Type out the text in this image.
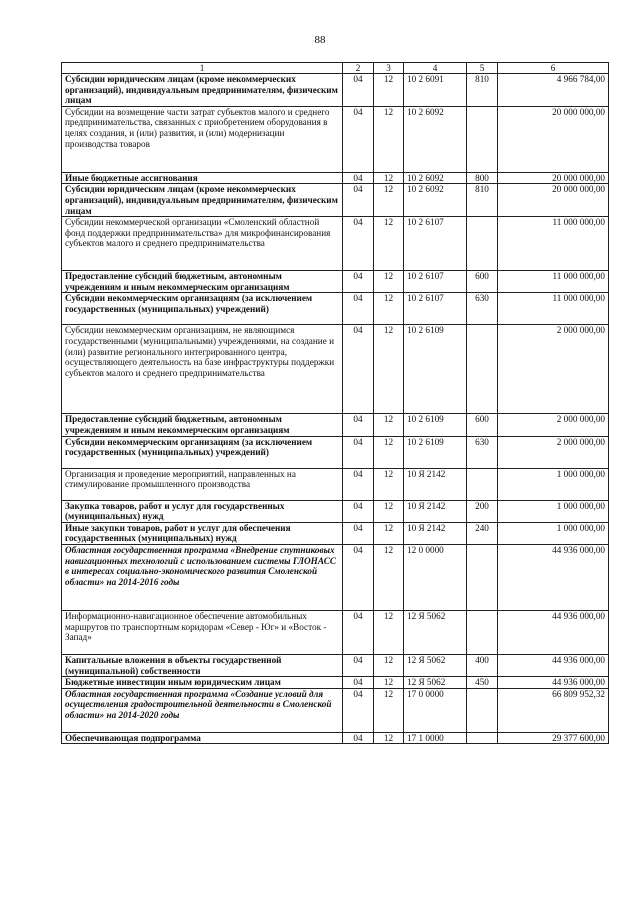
88
1	2	3	4	5	6
Субсидии юридическим лицам (кроме некоммерческих организаций), индивидуальным предпринимателям, физическим лицам	04	12	10 2 6091	810	4 966 784,00
Субсидии на возмещение части затрат субъектов малого и среднего предпринимательства, связанных с приобретением оборудования в целях создания, и (или) развития, и (или) модернизации производства товаров	04	12	10 2 6092		20 000 000,00
Иные бюджетные ассигнования	04	12	10 2 6092	800	20 000 000,00
Субсидии юридическим лицам (кроме некоммерческих организаций), индивидуальным предпринимателям, физическим лицам	04	12	10 2 6092	810	20 000 000,00
Субсидии некоммерческой организации «Смоленский областной фонд поддержки предпринимательства» для микрофинансирования субъектов малого и среднего предпринимательства	04	12	10 2 6107		11 000 000,00
Предоставление субсидий бюджетным, автономным учреждениям и иным некоммерческим организациям	04	12	10 2 6107	600	11 000 000,00
Субсидии некоммерческим организациям (за исключением государственных (муниципальных) учреждений)	04	12	10 2 6107	630	11 000 000,00
Субсидии некоммерческим организациям, не являющимся государственными (муниципальными) учреждениями, на создание и (или) развитие регионального интегрированного центра, осуществляющего деятельность на базе инфраструктуры поддержки субъектов малого и среднего предпринимательства	04	12	10 2 6109		2 000 000,00
Предоставление субсидий бюджетным, автономным учреждениям и иным некоммерческим организациям	04	12	10 2 6109	600	2 000 000,00
Субсидии некоммерческим организациям (за исключением государственных (муниципальных) учреждений)	04	12	10 2 6109	630	2 000 000,00
Организация и проведение мероприятий, направленных на стимулирование промышленного производства	04	12	10 Я 2142		1 000 000,00
Закупка товаров, работ и услуг для государственных (муниципальных) нужд	04	12	10 Я 2142	200	1 000 000,00
Иные закупки товаров, работ и услуг для обеспечения государственных (муниципальных) нужд	04	12	10 Я 2142	240	1 000 000,00
Областная государственная программа «Внедрение спутниковых навигационных технологий с использованием системы ГЛОНАСС в интересах социально-экономического развития Смоленской области» на 2014-2016 годы	04	12	12 0 0000		44 936 000,00
Информационно-навигационное обеспечение автомобильных маршрутов по транспортным коридорам «Север - Юг» и «Восток - Запад»	04	12	12 Я 5062		44 936 000,00
Капитальные вложения в объекты государственной (муниципальной) собственности	04	12	12 Я 5062	400	44 936 000,00
Бюджетные инвестиции иным юридическим лицам	04	12	12 Я 5062	450	44 936 000,00
Областная государственная программа «Создание условий для осуществления градостроительной деятельности в Смоленской области» на 2014-2020 годы	04	12	17 0 0000		66 809 952,32
Обеспечивающая подпрограмма	04	12	17 1 0000		29 377 600,00
